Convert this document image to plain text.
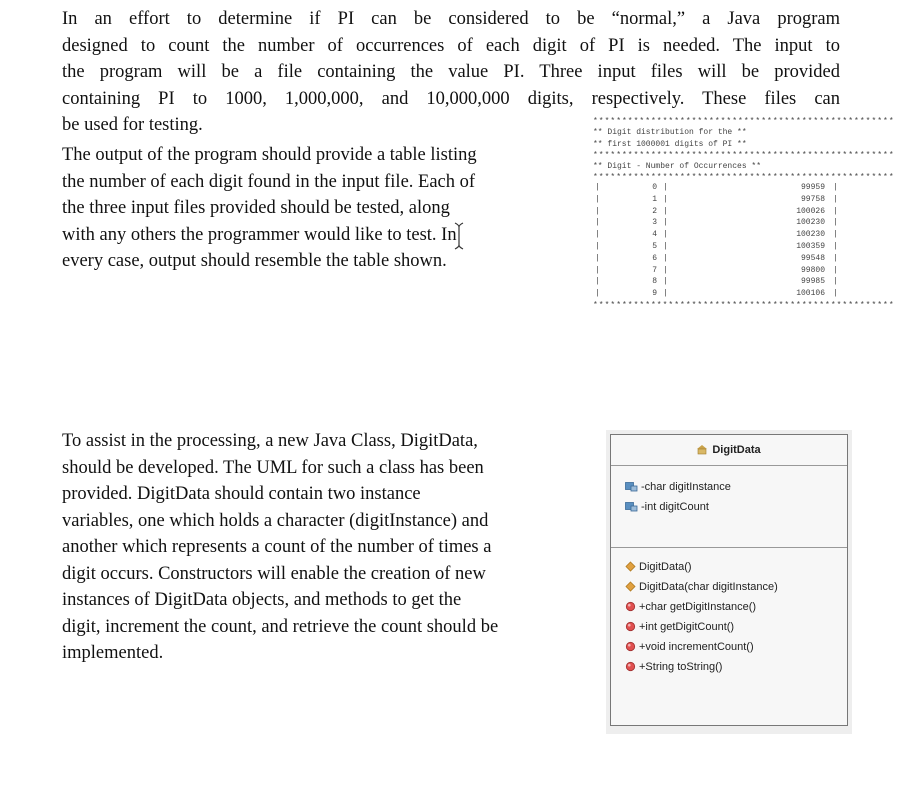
In an effort to determine if PI can be considered to be “normal,” a Java program
designed to count the number of occurrences of each digit of PI is needed. The input to
the program will be a file containing the value PI. Three input files will be provided
containing PI to 1000, 1,000,000, and 10,000,000 digits, respectively. These files can
be used for testing.
The output of the program should provide a table listing
the number of each digit found in the input file. Each of
the three input files provided should be tested, along
with any others the programmer would like to test. In
every case, output should resemble the table shown.
****************************************************
** Digit distribution for the **
** first 1000001 digits of PI **
****************************************************
** Digit - Number of Occurrences **
****************************************************
|	0 |	99959 |
|	1 |	99758 |
|	2 |	100026 |
|	3 |	100230 |
|	4 |	100230 |
|	5 |	100359 |
|	6 |	99548 |
|	7 |	99800 |
|	8 |	99985 |
|	9 |	100106 |
****************************************************
To assist in the processing, a new Java Class, DigitData,
should be developed. The UML for such a class has been
provided. DigitData should contain two instance
variables, one which holds a character (digitInstance) and
another which represents a count of the number of times a
digit occurs. Constructors will enable the creation of new
instances of DigitData objects, and methods to get the
digit, increment the count, and retrieve the count should be
implemented.
DigitData
-char digitInstance
-int digitCount
DigitData()
DigitData(char digitInstance)
+char getDigitInstance()
+int getDigitCount()
+void incrementCount()
+String toString()
